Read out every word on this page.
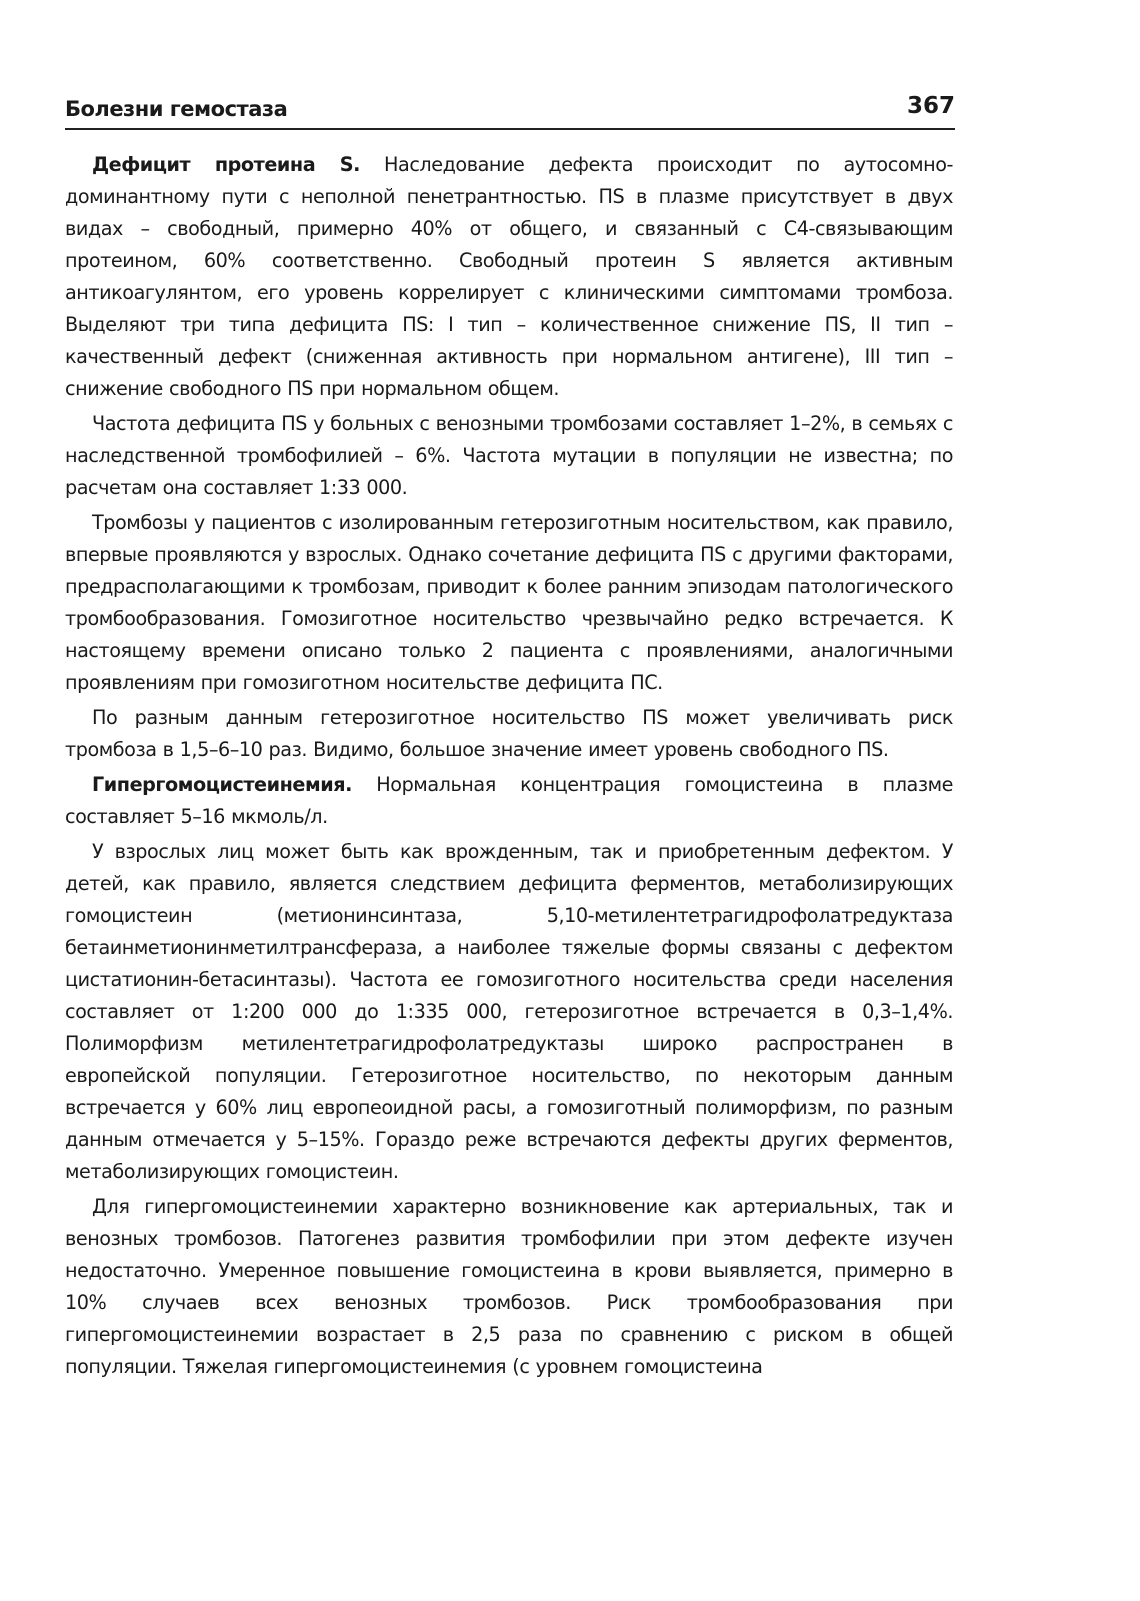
Болезни гемостаза	367

Дефицит протеина S. Наследование дефекта происходит по аутосомно-доминантному пути с неполной пенетрантностью. ПS в плазме присутствует в двух видах – свободный, примерно 40% от общего, и связанный с С4-связывающим протеином, 60% соответственно. Свободный протеин S является активным антикоагулянтом, его уровень коррелирует с клиническими симптомами тромбоза. Выделяют три типа дефицита ПS: I тип – количественное снижение ПS, II тип – качественный дефект (сниженная активность при нормальном антигене), III тип – снижение свободного ПS при нормальном общем.

Частота дефицита ПS у больных с венозными тромбозами составляет 1–2%, в семьях с наследственной тромбофилией – 6%. Частота мутации в популяции не известна; по расчетам она составляет 1:33 000.

Тромбозы у пациентов с изолированным гетерозиготным носительством, как правило, впервые проявляются у взрослых. Однако сочетание дефицита ПS с другими факторами, предрасполагающими к тромбозам, приводит к более ранним эпизодам патологического тромбообразования. Гомозиготное носительство чрезвычайно редко встречается. К настоящему времени описано только 2 пациента с проявлениями, аналогичными проявлениям при гомозиготном носительстве дефицита ПС.

По разным данным гетерозиготное носительство ПS может увеличивать риск тромбоза в 1,5–6–10 раз. Видимо, большое значение имеет уровень свободного ПS.

Гипергомоцистеинемия. Нормальная концентрация гомоцистеина в плазме составляет 5–16 мкмоль/л.

У взрослых лиц может быть как врожденным, так и приобретенным дефектом. У детей, как правило, является следствием дефицита ферментов, метаболизирующих гомоцистеин (метионинсинтаза, 5,10-метилентетрагидрофолатредуктаза бетаинметионинметилтрансфераза, а наиболее тяжелые формы связаны с дефектом цистатионин-бетасинтазы). Частота ее гомозиготного носительства среди населения составляет от 1:200 000 до 1:335 000, гетерозиготное встречается в 0,3–1,4%. Полиморфизм метилентетрагидрофолатредуктазы широко распространен в европейской популяции. Гетерозиготное носительство, по некоторым данным встречается у 60% лиц европеоидной расы, а гомозиготный полиморфизм, по разным данным отмечается у 5–15%. Гораздо реже встречаются дефекты других ферментов, метаболизирующих гомоцистеин.

Для гипергомоцистеинемии характерно возникновение как артериальных, так и венозных тромбозов. Патогенез развития тромбофилии при этом дефекте изучен недостаточно. Умеренное повышение гомоцистеина в крови выявляется, примерно в 10% случаев всех венозных тромбозов. Риск тромбообразования при гипергомоцистеинемии возрастает в 2,5 раза по сравнению с риском в общей популяции. Тяжелая гипергомоцистеинемия (с уровнем гомоцистеина
